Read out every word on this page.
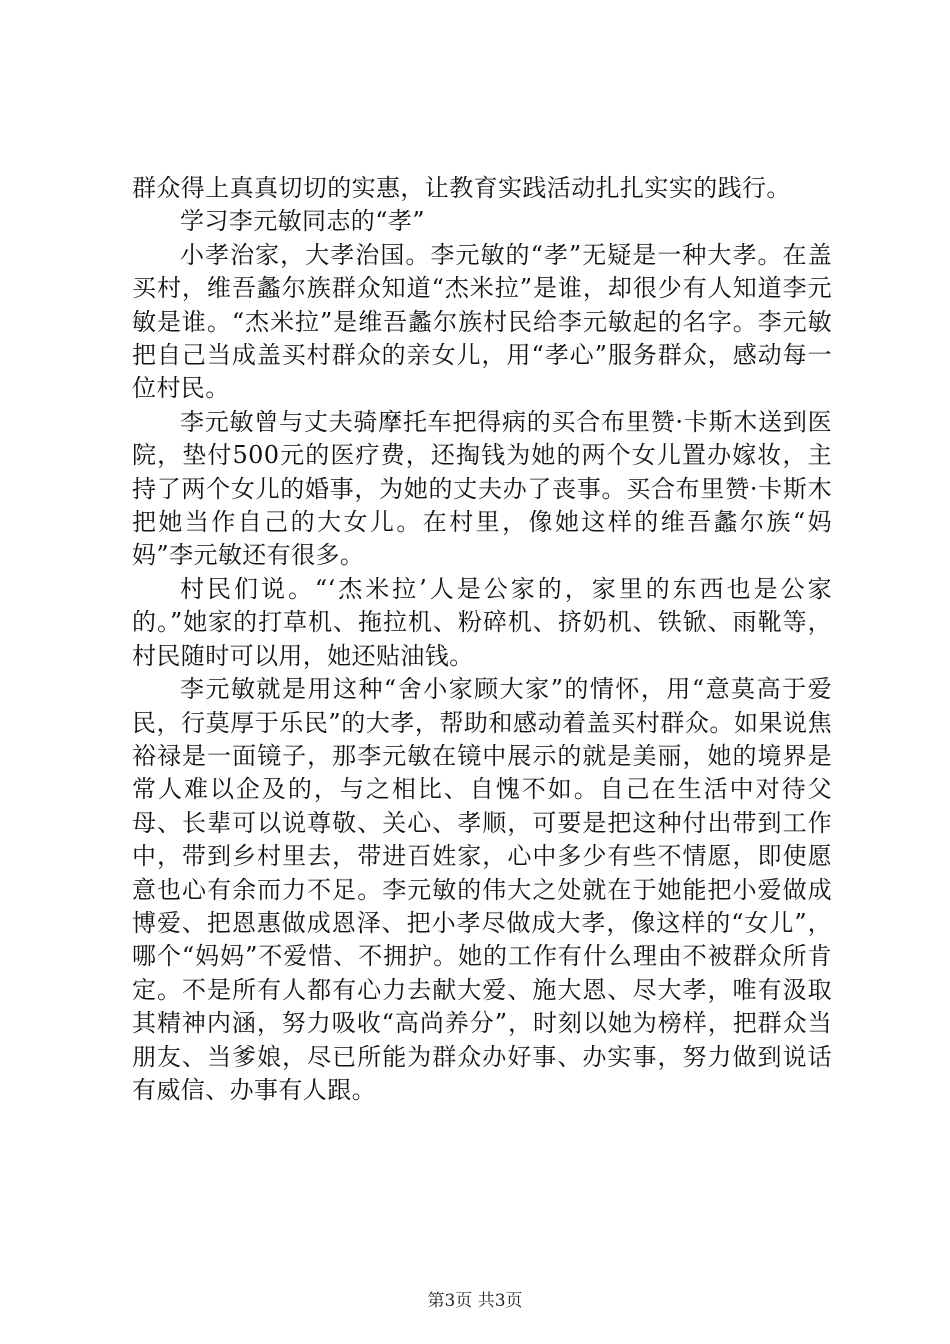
群众得上真真切切的实惠，让教育实践活动扎扎实实的践行。

学习李元敏同志的“孝”

小孝治家，大孝治国。李元敏的“孝”无疑是一种大孝。在盖买村，维吾蠡尔族群众知道“杰米拉”是谁，却很少有人知道李元敏是谁。“杰米拉”是维吾蠡尔族村民给李元敏起的名字。李元敏把自己当成盖买村群众的亲女儿，用“孝心”服务群众，感动每一位村民。

李元敏曾与丈夫骑摩托车把得病的买合布里赞·卡斯木送到医院，垫付500元的医疗费，还掏钱为她的两个女儿置办嫁妆，主持了两个女儿的婚事，为她的丈夫办了丧事。买合布里赞·卡斯木把她当作自己的大女儿。在村里，像她这样的维吾蠡尔族“妈妈”李元敏还有很多。

村民们说。“‘杰米拉’人是公家的，家里的东西也是公家的。”她家的打草机、拖拉机、粉碎机、挤奶机、铁锨、雨靴等，村民随时可以用，她还贴油钱。

李元敏就是用这种“舍小家顾大家”的情怀，用“意莫高于爱民，行莫厚于乐民”的大孝，帮助和感动着盖买村群众。如果说焦裕禄是一面镜子，那李元敏在镜中展示的就是美丽，她的境界是常人难以企及的，与之相比、自愧不如。自己在生活中对待父母、长辈可以说尊敬、关心、孝顺，可要是把这种付出带到工作中，带到乡村里去，带进百姓家，心中多少有些不情愿，即使愿意也心有余而力不足。李元敏的伟大之处就在于她能把小爱做成博爱、把恩惠做成恩泽、把小孝尽做成大孝，像这样的“女儿”，哪个“妈妈”不爱惜、不拥护。她的工作有什么理由不被群众所肯定。不是所有人都有心力去献大爱、施大恩、尽大孝，唯有汲取其精神内涵，努力吸收“高尚养分”，时刻以她为榜样，把群众当朋友、当爹娘，尽已所能为群众办好事、办实事，努力做到说话有威信、办事有人跟。

第3页 共3页
